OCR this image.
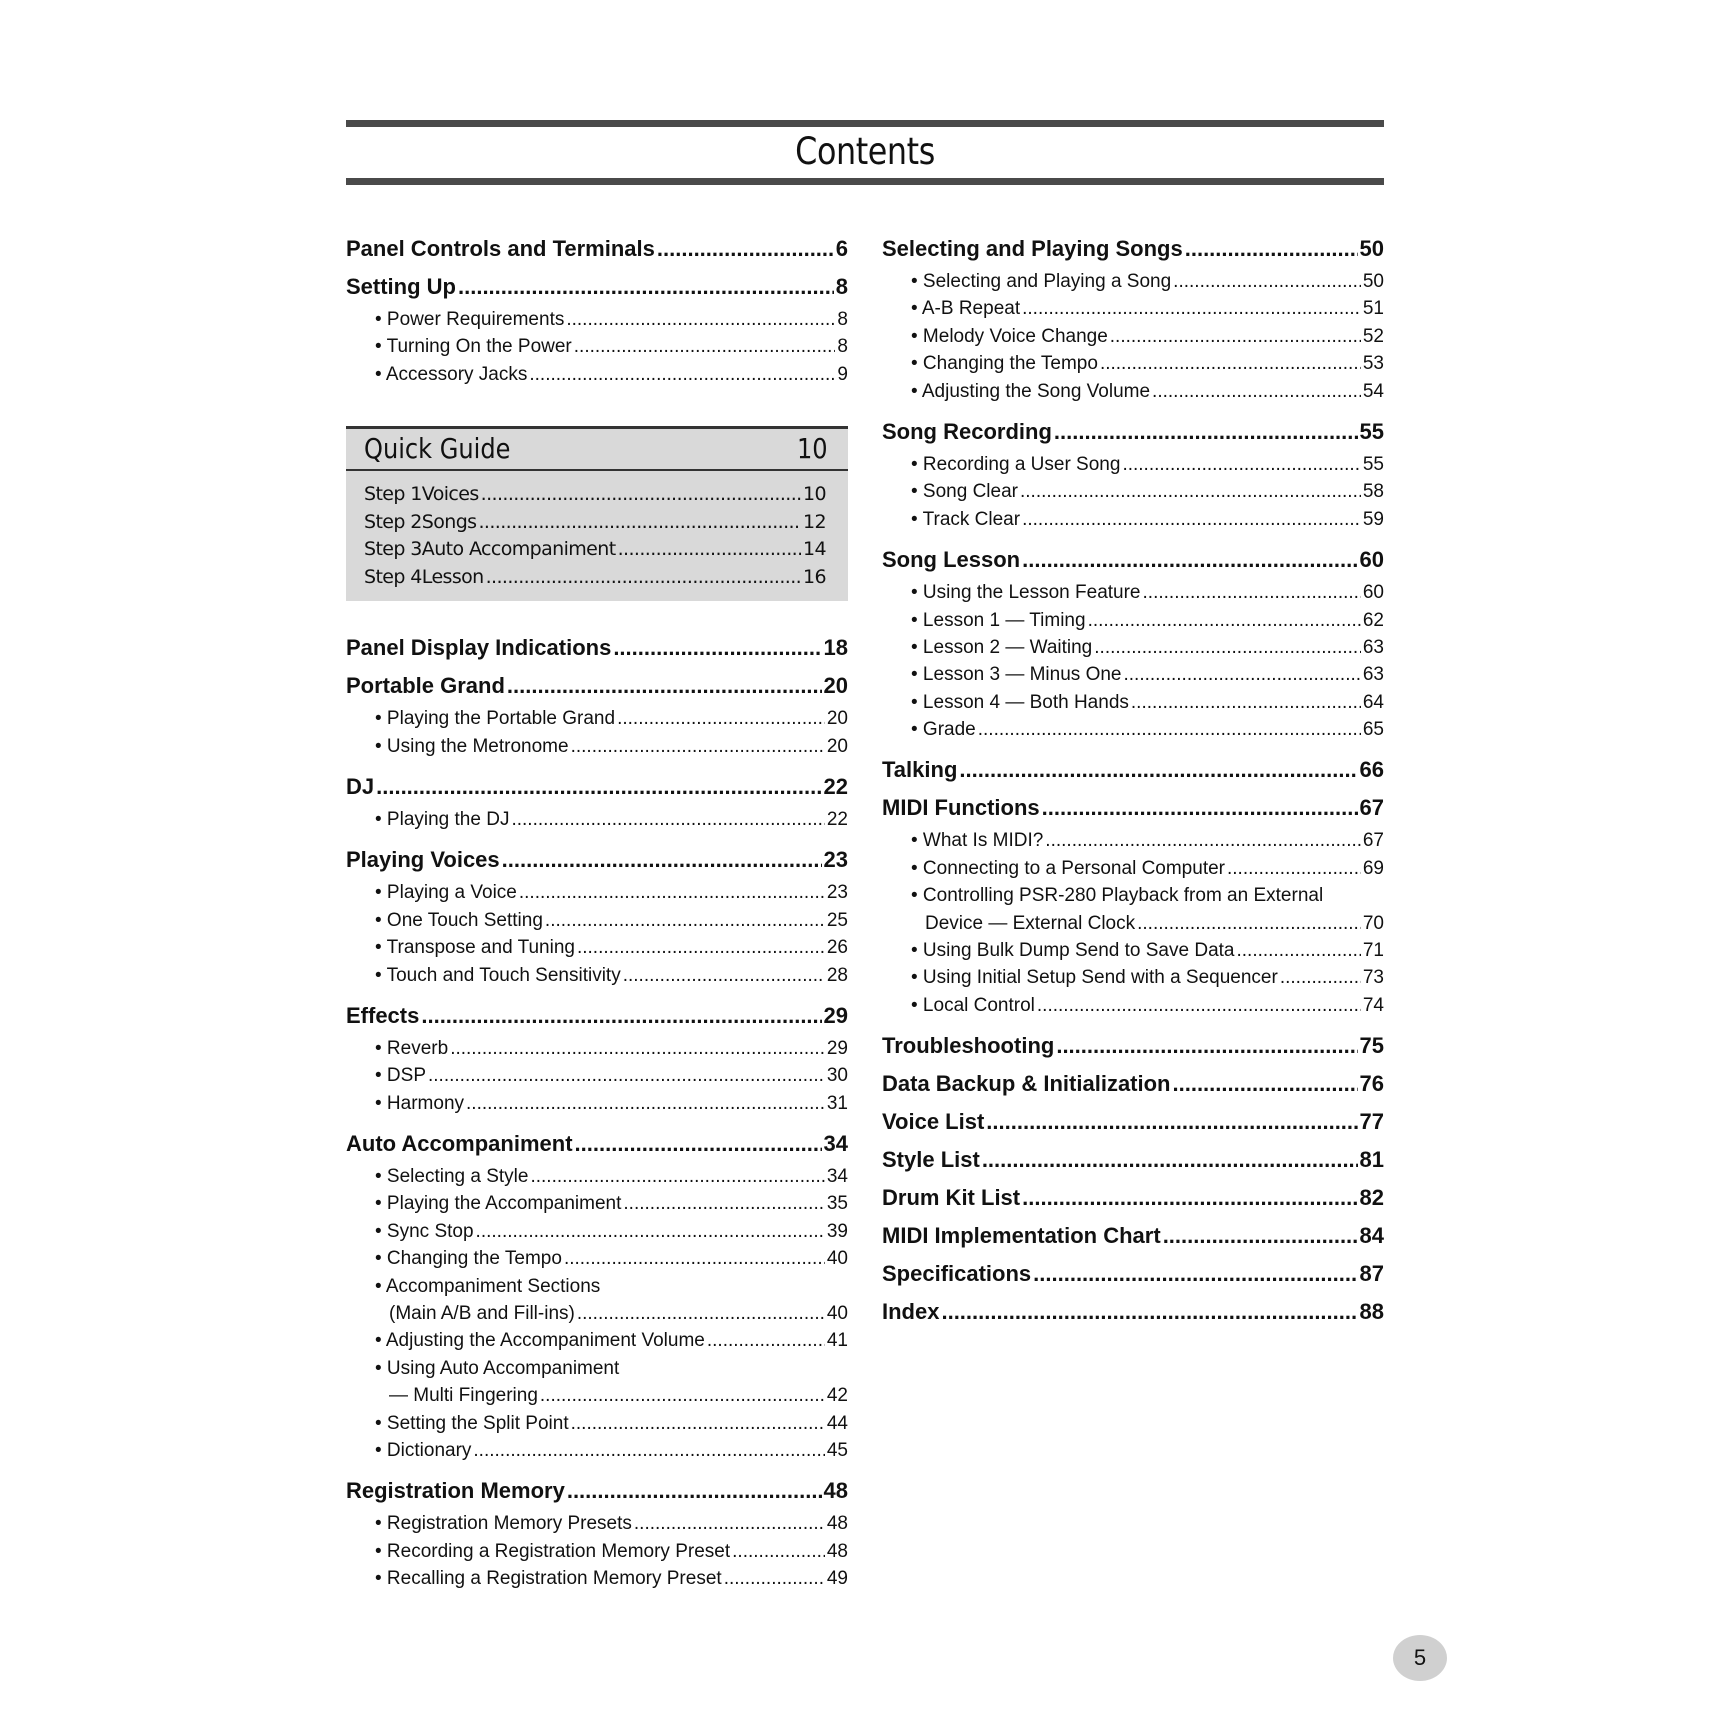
Contents
Panel Controls and Terminals .....	6
Setting Up .....	8
• Power Requirements .....	8
• Turning On the Power .....	8
• Accessory Jacks .....	9
Quick Guide	10
Step 1 Voices .....	10
Step 2 Songs .....	12
Step 3 Auto Accompaniment .....	14
Step 4 Lesson .....	16
Panel Display Indications .....	18
Portable Grand .....	20
• Playing the Portable Grand .....	20
• Using the Metronome .....	20
DJ .....	22
• Playing the DJ .....	22
Playing Voices .....	23
• Playing a Voice .....	23
• One Touch Setting .....	25
• Transpose and Tuning .....	26
• Touch and Touch Sensitivity .....	28
Effects .....	29
• Reverb .....	29
• DSP .....	30
• Harmony .....	31
Auto Accompaniment .....	34
• Selecting a Style .....	34
• Playing the Accompaniment .....	35
• Sync Stop .....	39
• Changing the Tempo .....	40
• Accompaniment Sections
(Main A/B and Fill-ins) .....	40
• Adjusting the Accompaniment Volume .....	41
• Using Auto Accompaniment
— Multi Fingering .....	42
• Setting the Split Point .....	44
• Dictionary .....	45
Registration Memory .....	48
• Registration Memory Presets .....	48
• Recording a Registration Memory Preset .....	48
• Recalling a Registration Memory Preset .....	49
Selecting and Playing Songs .....	50
• Selecting and Playing a Song .....	50
• A-B Repeat .....	51
• Melody Voice Change .....	52
• Changing the Tempo .....	53
• Adjusting the Song Volume .....	54
Song Recording .....	55
• Recording a User Song .....	55
• Song Clear .....	58
• Track Clear .....	59
Song Lesson .....	60
• Using the Lesson Feature .....	60
• Lesson 1 — Timing .....	62
• Lesson 2 — Waiting .....	63
• Lesson 3 — Minus One .....	63
• Lesson 4 — Both Hands .....	64
• Grade .....	65
Talking .....	66
MIDI Functions .....	67
• What Is MIDI? .....	67
• Connecting to a Personal Computer .....	69
• Controlling PSR-280 Playback from an External
Device — External Clock .....	70
• Using Bulk Dump Send to Save Data .....	71
• Using Initial Setup Send with a Sequencer .....	73
• Local Control .....	74
Troubleshooting .....	75
Data Backup & Initialization .....	76
Voice List .....	77
Style List .....	81
Drum Kit List .....	82
MIDI Implementation Chart .....	84
Specifications .....	87
Index .....	88
5
